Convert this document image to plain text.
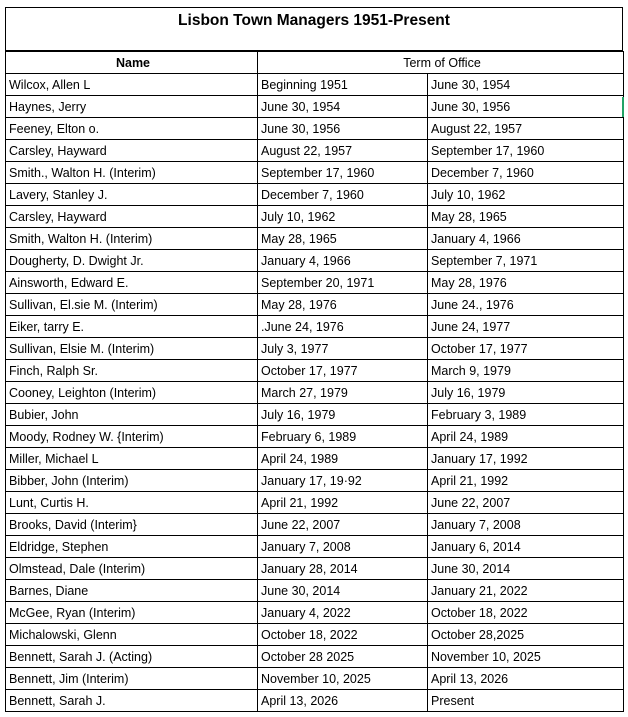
Lisbon Town Managers 1951-Present
Name	Term of Office	
Wilcox, Allen L	Beginning 1951	June 30, 1954
Haynes, Jerry	June 30, 1954	June 30, 1956
Feeney, Elton o.	June 30, 1956	August 22, 1957
Carsley, Hayward	August 22, 1957	September 17, 1960
Smith., Walton H. (Interim)	September 17, 1960	December 7, 1960
Lavery, Stanley J.	December 7, 1960	July 10, 1962
Carsley, Hayward	July 10, 1962	May 28, 1965
Smith, Walton H. (Interim)	May 28, 1965	January 4, 1966
Dougherty, D. Dwight Jr.	January 4, 1966	September 7, 1971
Ainsworth, Edward E.	September 20, 1971	May 28, 1976
Sullivan, El.sie M. (Interim)	May 28, 1976	June 24., 1976
Eiker, tarry E.	.June 24, 1976	June 24, 1977
Sullivan, Elsie M. (Interim)	July 3, 1977	October 17, 1977
Finch, Ralph Sr.	October 17, 1977	March 9, 1979
Cooney, Leighton (Interim)	March 27, 1979	July 16, 1979
Bubier, John	July 16, 1979	February 3, 1989
Moody, Rodney W. {Interim)	February 6, 1989	April 24, 1989
Miller, Michael L	April 24, 1989	January 17, 1992
Bibber, John (Interim)	January 17, 19·92	April 21, 1992
Lunt, Curtis H.	April 21, 1992	June 22, 2007
Brooks, David (Interim}	June 22, 2007	January 7, 2008
Eldridge, Stephen	January 7, 2008	January 6, 2014
Olmstead, Dale (Interim)	January 28, 2014	June 30, 2014
Barnes, Diane	June 30, 2014	January 21, 2022
McGee, Ryan (Interim)	January 4, 2022	October 18, 2022
Michalowski, Glenn	October 18, 2022	October 28,2025
Bennett, Sarah J. (Acting)	October 28 2025	November 10, 2025
Bennett, Jim (Interim)	November 10, 2025	April 13, 2026
Bennett, Sarah J.	April 13, 2026	Present
